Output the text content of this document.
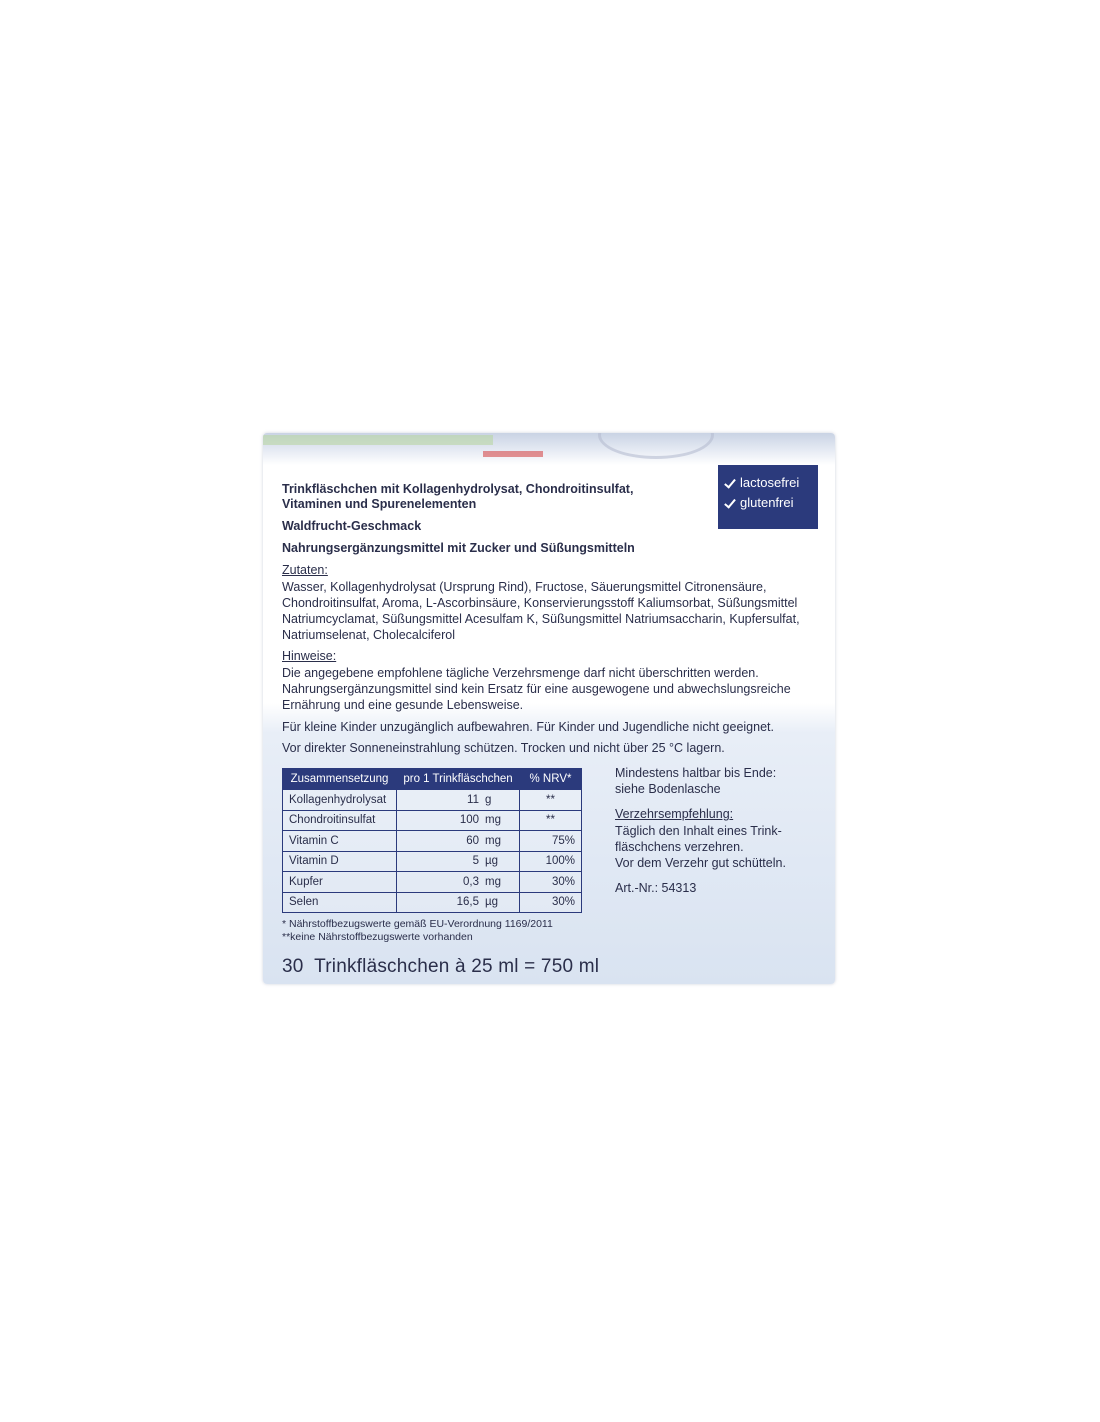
Trinkfläschchen mit Kollagenhydrolysat, Chondroitinsulfat,
Vitaminen und Spurenelementen
Waldfrucht-Geschmack
Nahrungsergänzungsmittel mit Zucker und Süßungsmitteln
lactosefrei
glutenfrei
Zutaten:
Wasser, Kollagenhydrolysat (Ursprung Rind), Fructose, Säuerungsmittel Citronensäure,
Chondroitinsulfat, Aroma, L-Ascorbinsäure, Konservierungsstoff Kaliumsorbat, Süßungsmittel
Natriumcyclamat, Süßungsmittel Acesulfam K, Süßungsmittel Natriumsaccharin, Kupfersulfat,
Natriumselenat, Cholecalciferol
Hinweise:
Die angegebene empfohlene tägliche Verzehrsmenge darf nicht überschritten werden.
Nahrungsergänzungsmittel sind kein Ersatz für eine ausgewogene und abwechslungsreiche
Ernährung und eine gesunde Lebensweise.
Für kleine Kinder unzugänglich aufbewahren. Für Kinder und Jugendliche nicht geeignet.
Vor direkter Sonneneinstrahlung schützen. Trocken und nicht über 25 °C lagern.
Zusammensetzung	pro 1 Trinkfläschchen	% NRV*
Kollagenhydrolysat	11 g	**
Chondroitinsulfat	100 mg	**
Vitamin C	60 mg	75%
Vitamin D	5 µg	100%
Kupfer	0,3 mg	30%
Selen	16,5 µg	30%
* Nährstoffbezugswerte gemäß EU-Verordnung 1169/2011
**keine Nährstoffbezugswerte vorhanden
Mindestens haltbar bis Ende:
siehe Bodenlasche
Verzehrsempfehlung:
Täglich den Inhalt eines Trink-
fläschchens verzehren.
Vor dem Verzehr gut schütteln.
Art.-Nr.: 54313
30  Trinkfläschchen à 25 ml = 750 ml
